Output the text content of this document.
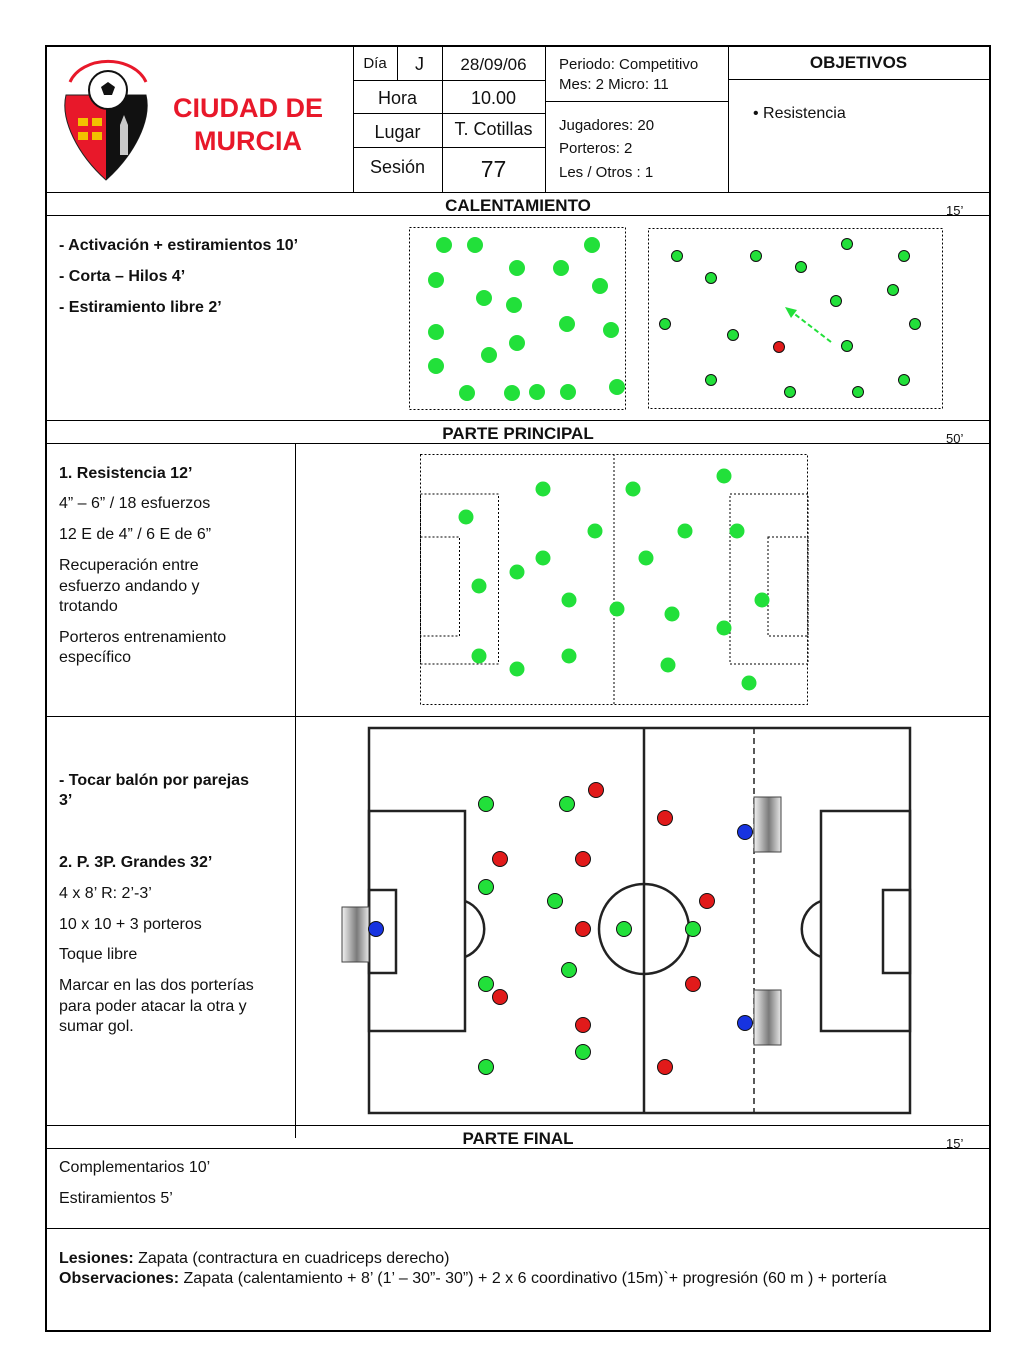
CIUDAD DE
MURCIA
Día	J	28/09/06
Hora	10.00
Lugar	T. Cotillas
Sesión	77
Periodo: Competitivo
Mes: 2 Micro: 11
Jugadores: 20
Porteros: 2
Les / Otros : 1
OBJETIVOS
• Resistencia
CALENTAMIENTO	15’
- Activación + estiramientos 10’
- Corta – Hilos 4’
- Estiramiento libre 2’
PARTE PRINCIPAL	50’
1. Resistencia 12’
4” – 6” / 18 esfuerzos
12 E de 4” / 6 E de 6”
Recuperación entre
esfuerzo andando y
trotando
Porteros entrenamiento
específico
- Tocar balón por parejas
3’
2. P. 3P. Grandes 32’
4 x 8’ R: 2’-3’
10 x 10 + 3 porteros
Toque libre
Marcar en las dos porterías
para poder atacar la otra y
sumar gol.
PARTE FINAL	15’
Complementarios 10’
Estiramientos 5’
Lesiones: Zapata (contractura en cuadriceps derecho)
Observaciones: Zapata (calentamiento + 8’ (1’ – 30”- 30”) + 2 x 6 coordinativo (15m)`+ progresión (60 m ) + portería
